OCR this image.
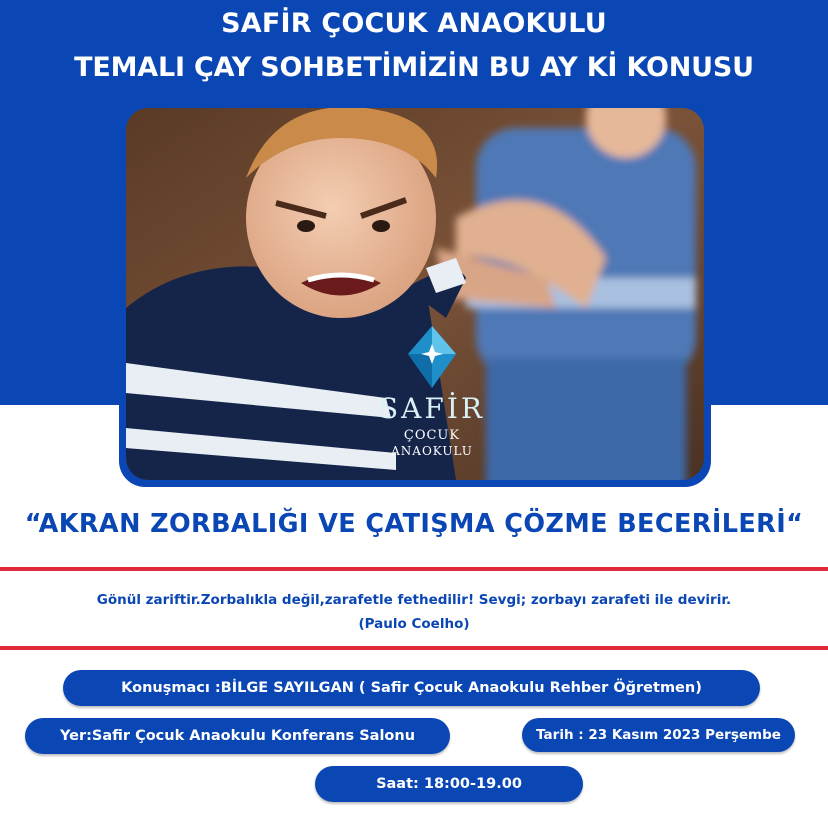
SAFİR ÇOCUK ANAOKULU
TEMALI ÇAY SOHBETİMİZİN BU AY Kİ KONUSU
SAFİR
ÇOCUK
ANAOKULU
“AKRAN ZORBALIĞI VE ÇATIŞMA ÇÖZME BECERİLERİ“
Gönül zariftir.Zorbalıkla değil,zarafetle fethedilir! Sevgi; zorbayı zarafeti ile devirir.
(Paulo Coelho)
Konuşmacı :BİLGE SAYILGAN ( Safir Çocuk Anaokulu Rehber Öğretmen)
Yer:Safir Çocuk Anaokulu Konferans Salonu	Tarih : 23 Kasım 2023 Perşembe
Saat: 18:00-19.00
